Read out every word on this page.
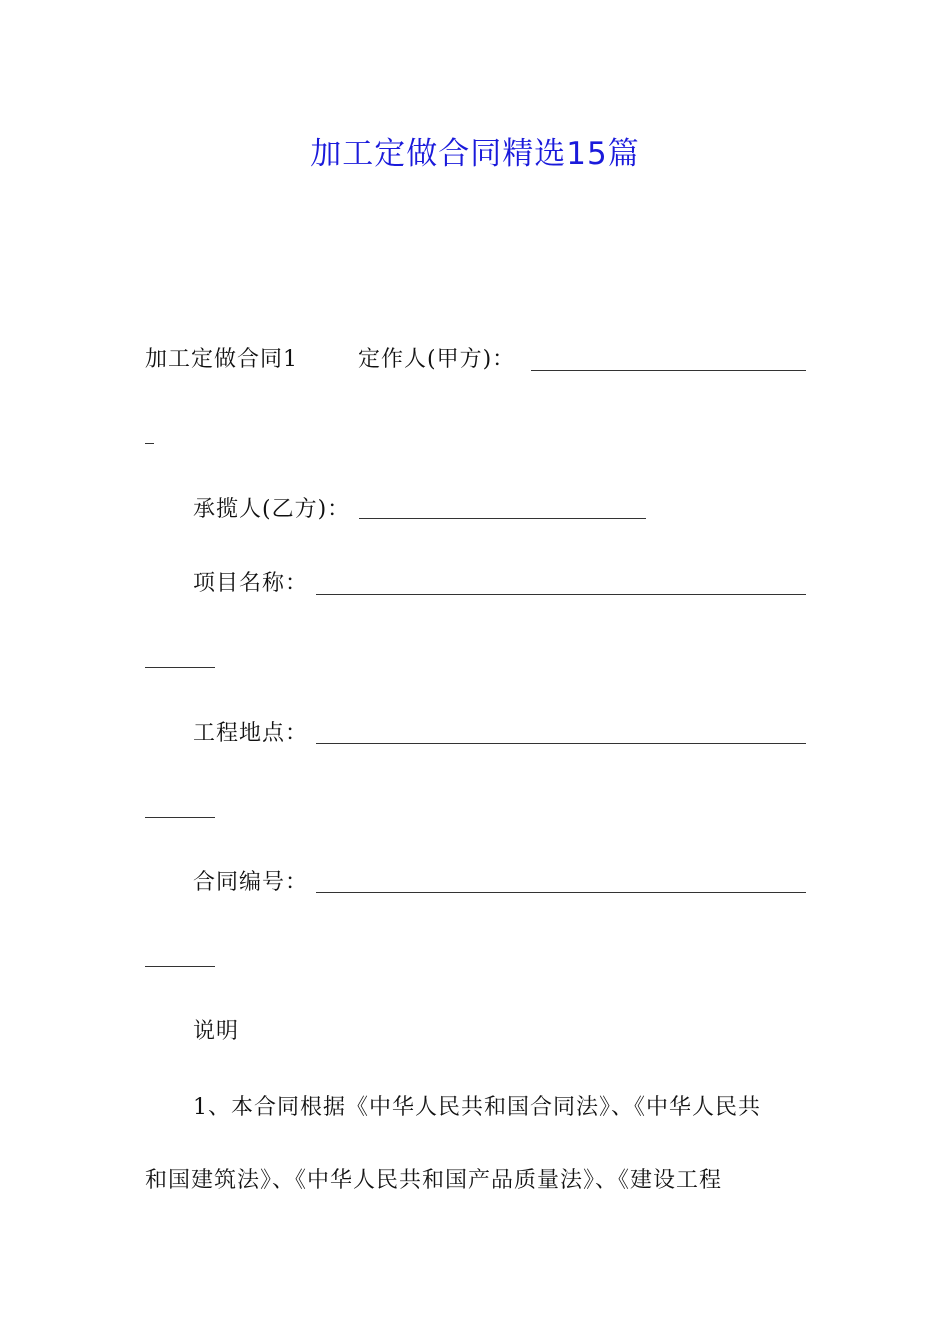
加工定做合同精选15篇
加工定做合同1	定作人(甲方)：
承揽人(乙方)：
项目名称：
工程地点：
合同编号：
说明
1、本合同根据《中华人民共和国合同法》、《中华人民共
和国建筑法》、《中华人民共和国产品质量法》、《建设工程
